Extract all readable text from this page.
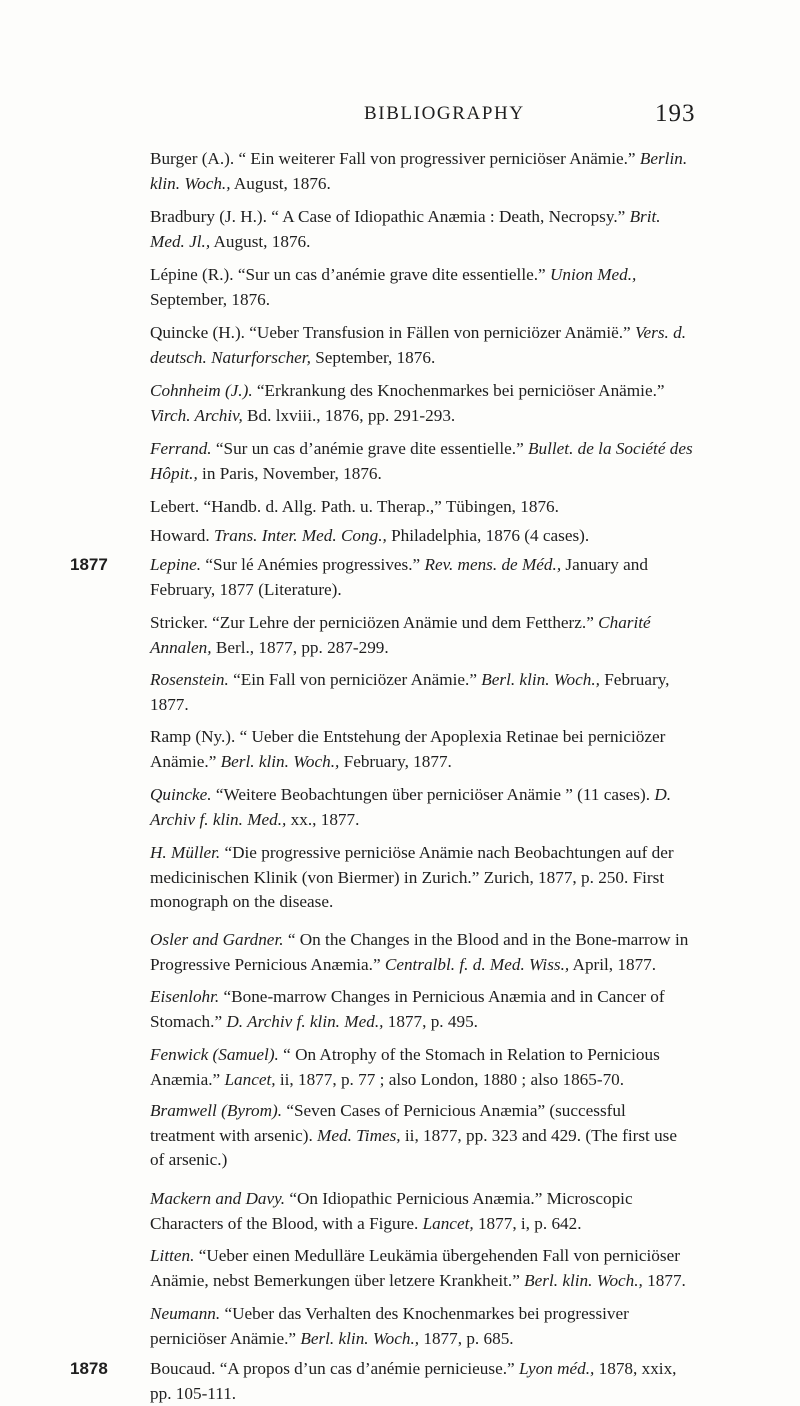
BIBLIOGRAPHY	193
Burger (A.). “ Ein weiterer Fall von progressiver perniciöser Anämie.” Berlin. klin. Woch., August, 1876.
Bradbury (J. H.). “ A Case of Idiopathic Anæmia : Death, Necropsy.” Brit. Med. Jl., August, 1876.
Lépine (R.). “Sur un cas d’anémie grave dite essentielle.” Union Med., September, 1876.
Quincke (H.). “Ueber Transfusion in Fällen von perniciözer Anämië.” Vers. d. deutsch. Naturforscher, September, 1876.
Cohnheim (J.). “Erkrankung des Knochenmarkes bei perniciöser Anämie.” Virch. Archiv, Bd. lxviii., 1876, pp. 291-293.
Ferrand. “Sur un cas d’anémie grave dite essentielle.” Bullet. de la Société des Hôpit., in Paris, November, 1876.
Lebert. “Handb. d. Allg. Path. u. Therap.,” Tübingen, 1876.
Howard. Trans. Inter. Med. Cong., Philadelphia, 1876 (4 cases).
1877 Lepine. “Sur lé Anémies progressives.” Rev. mens. de Méd., January and February, 1877 (Literature).
Stricker. “Zur Lehre der perniciözen Anämie und dem Fettherz.” Charité Annalen, Berl., 1877, pp. 287-299.
Rosenstein. “Ein Fall von perniciözer Anämie.” Berl. klin. Woch., February, 1877.
Ramp (Ny.). “ Ueber die Entstehung der Apoplexia Retinae bei perniciözer Anämie.” Berl. klin. Woch., February, 1877.
Quincke. “Weitere Beobachtungen über perniciöser Anämie ” (11 cases). D. Archiv f. klin. Med., xx., 1877.
H. Müller. “Die progressive perniciöse Anämie nach Beobachtungen auf der medicinischen Klinik (von Biermer) in Zurich.” Zurich, 1877, p. 250. First monograph on the disease.
Osler and Gardner. “ On the Changes in the Blood and in the Bone-marrow in Progressive Pernicious Anæmia.” Centralbl. f. d. Med. Wiss., April, 1877.
Eisenlohr. “Bone-marrow Changes in Pernicious Anæmia and in Cancer of Stomach.” D. Archiv f. klin. Med., 1877, p. 495.
Fenwick (Samuel). “ On Atrophy of the Stomach in Relation to Pernicious Anæmia.” Lancet, ii, 1877, p. 77 ; also London, 1880 ; also 1865-70.
Bramwell (Byrom). “Seven Cases of Pernicious Anæmia” (successful treatment with arsenic). Med. Times, ii, 1877, pp. 323 and 429. (The first use of arsenic.)
Mackern and Davy. “On Idiopathic Pernicious Anæmia.” Microscopic Characters of the Blood, with a Figure. Lancet, 1877, i, p. 642.
Litten. “Ueber einen Medulläre Leukämia übergehenden Fall von perniciöser Anämie, nebst Bemerkungen über letzere Krankheit.” Berl. klin. Woch., 1877.
Neumann. “Ueber das Verhalten des Knochenmarkes bei progressiver perniciöser Anämie.” Berl. klin. Woch., 1877, p. 685.
1878 Boucaud. “A propos d’un cas d’anémie pernicieuse.” Lyon méd., 1878, xxix, pp. 105-111.
